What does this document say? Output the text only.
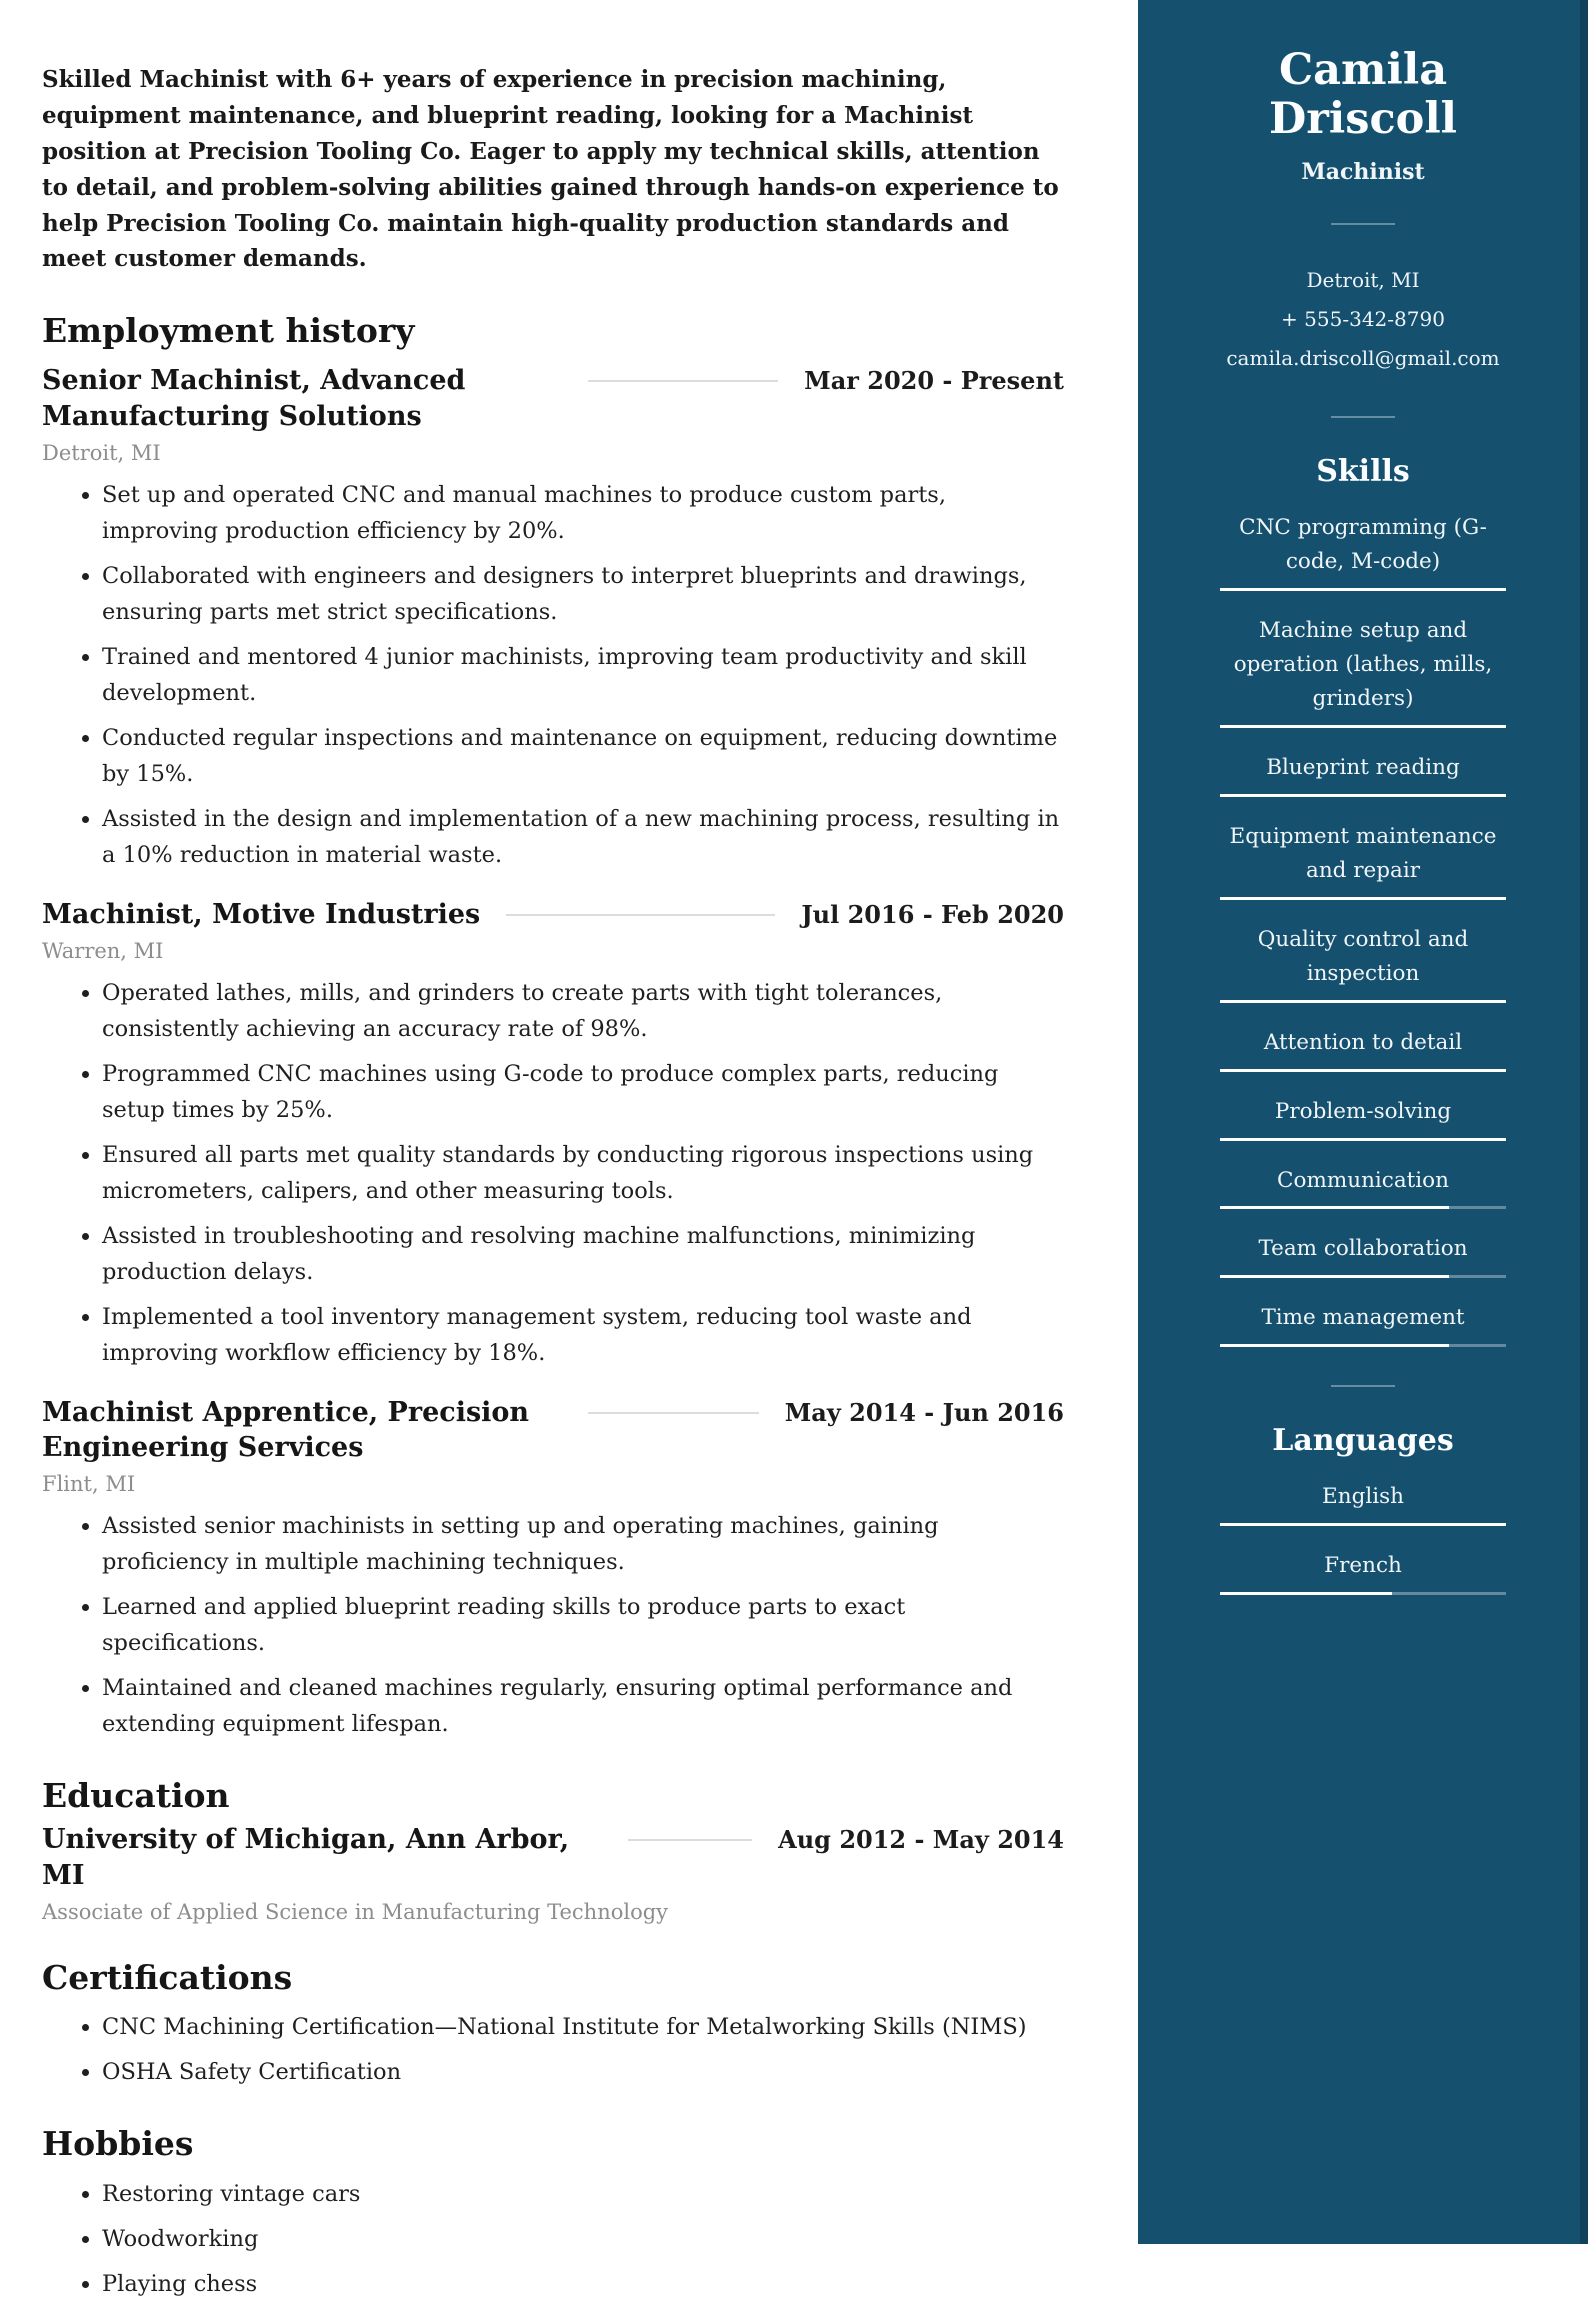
Skilled Machinist with 6+ years of experience in precision machining, equipment maintenance, and blueprint reading, looking for a Machinist position at Precision Tooling Co. Eager to apply my technical skills, attention to detail, and problem-solving abilities gained through hands-on experience to help Precision Tooling Co. maintain high-quality production standards and meet customer demands.

Employment history
Senior Machinist, Advanced Manufacturing Solutions
Mar 2020 - Present
Detroit, MI
• Set up and operated CNC and manual machines to produce custom parts, improving production efficiency by 20%.
• Collaborated with engineers and designers to interpret blueprints and drawings, ensuring parts met strict specifications.
• Trained and mentored 4 junior machinists, improving team productivity and skill development.
• Conducted regular inspections and maintenance on equipment, reducing downtime by 15%.
• Assisted in the design and implementation of a new machining process, resulting in a 10% reduction in material waste.
Machinist, Motive Industries	Jul 2016 - Feb 2020
Warren, MI
• Operated lathes, mills, and grinders to create parts with tight tolerances, consistently achieving an accuracy rate of 98%.
• Programmed CNC machines using G-code to produce complex parts, reducing setup times by 25%.
• Ensured all parts met quality standards by conducting rigorous inspections using micrometers, calipers, and other measuring tools.
• Assisted in troubleshooting and resolving machine malfunctions, minimizing production delays.
• Implemented a tool inventory management system, reducing tool waste and improving workflow efficiency by 18%.
Machinist Apprentice, Precision Engineering Services
May 2014 - Jun 2016
Flint, MI
• Assisted senior machinists in setting up and operating machines, gaining proficiency in multiple machining techniques.
• Learned and applied blueprint reading skills to produce parts to exact specifications.
• Maintained and cleaned machines regularly, ensuring optimal performance and extending equipment lifespan.
Education
University of Michigan, Ann Arbor, MI
Aug 2012 - May 2014
Associate of Applied Science in Manufacturing Technology
Certifications
• CNC Machining Certification—National Institute for Metalworking Skills (NIMS)
• OSHA Safety Certification
Hobbies
• Restoring vintage cars
• Woodworking
• Playing chess
Camila Driscoll
Machinist
Detroit, MI
+ 555-342-8790
camila.driscoll@gmail.com
Skills
CNC programming (G-code, M-code)
Machine setup and operation (lathes, mills, grinders)
Blueprint reading
Equipment maintenance and repair
Quality control and inspection
Attention to detail
Problem-solving
Communication
Team collaboration
Time management
Languages
English
French
